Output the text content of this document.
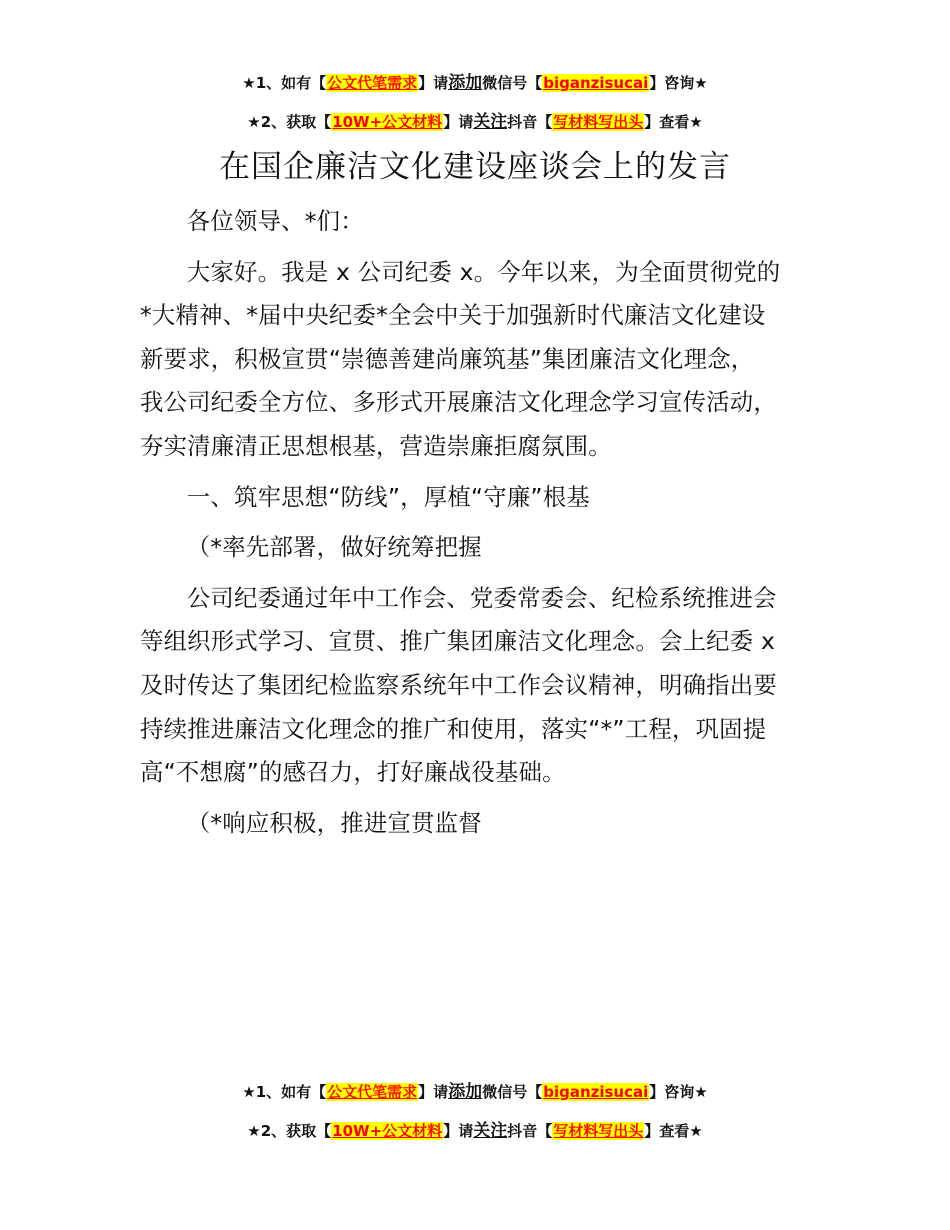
★1、如有【公文代笔需求】请添加微信号【biganzisucai】咨询★
★2、获取【10W+公文材料】请关注抖音【写材料写出头】查看★
在国企廉洁文化建设座谈会上的发言

各位领导、*们：

大家好。我是 x 公司纪委 x。今年以来，为全面贯彻党的
*大精神、*届中央纪委*全会中关于加强新时代廉洁文化建设
新要求，积极宣贯“崇德善建尚廉筑基”集团廉洁文化理念，
我公司纪委全方位、多形式开展廉洁文化理念学习宣传活动，
夯实清廉清正思想根基，营造崇廉拒腐氛围。

一、筑牢思想“防线”，厚植“守廉”根基

（*率先部署，做好统筹把握

公司纪委通过年中工作会、党委常委会、纪检系统推进会
等组织形式学习、宣贯、推广集团廉洁文化理念。会上纪委 x
及时传达了集团纪检监察系统年中工作会议精神，明确指出要
持续推进廉洁文化理念的推广和使用，落实“*”工程，巩固提
高“不想腐”的感召力，打好廉战役基础。

（*响应积极，推进宣贯监督

★1、如有【公文代笔需求】请添加微信号【biganzisucai】咨询★
★2、获取【10W+公文材料】请关注抖音【写材料写出头】查看★
